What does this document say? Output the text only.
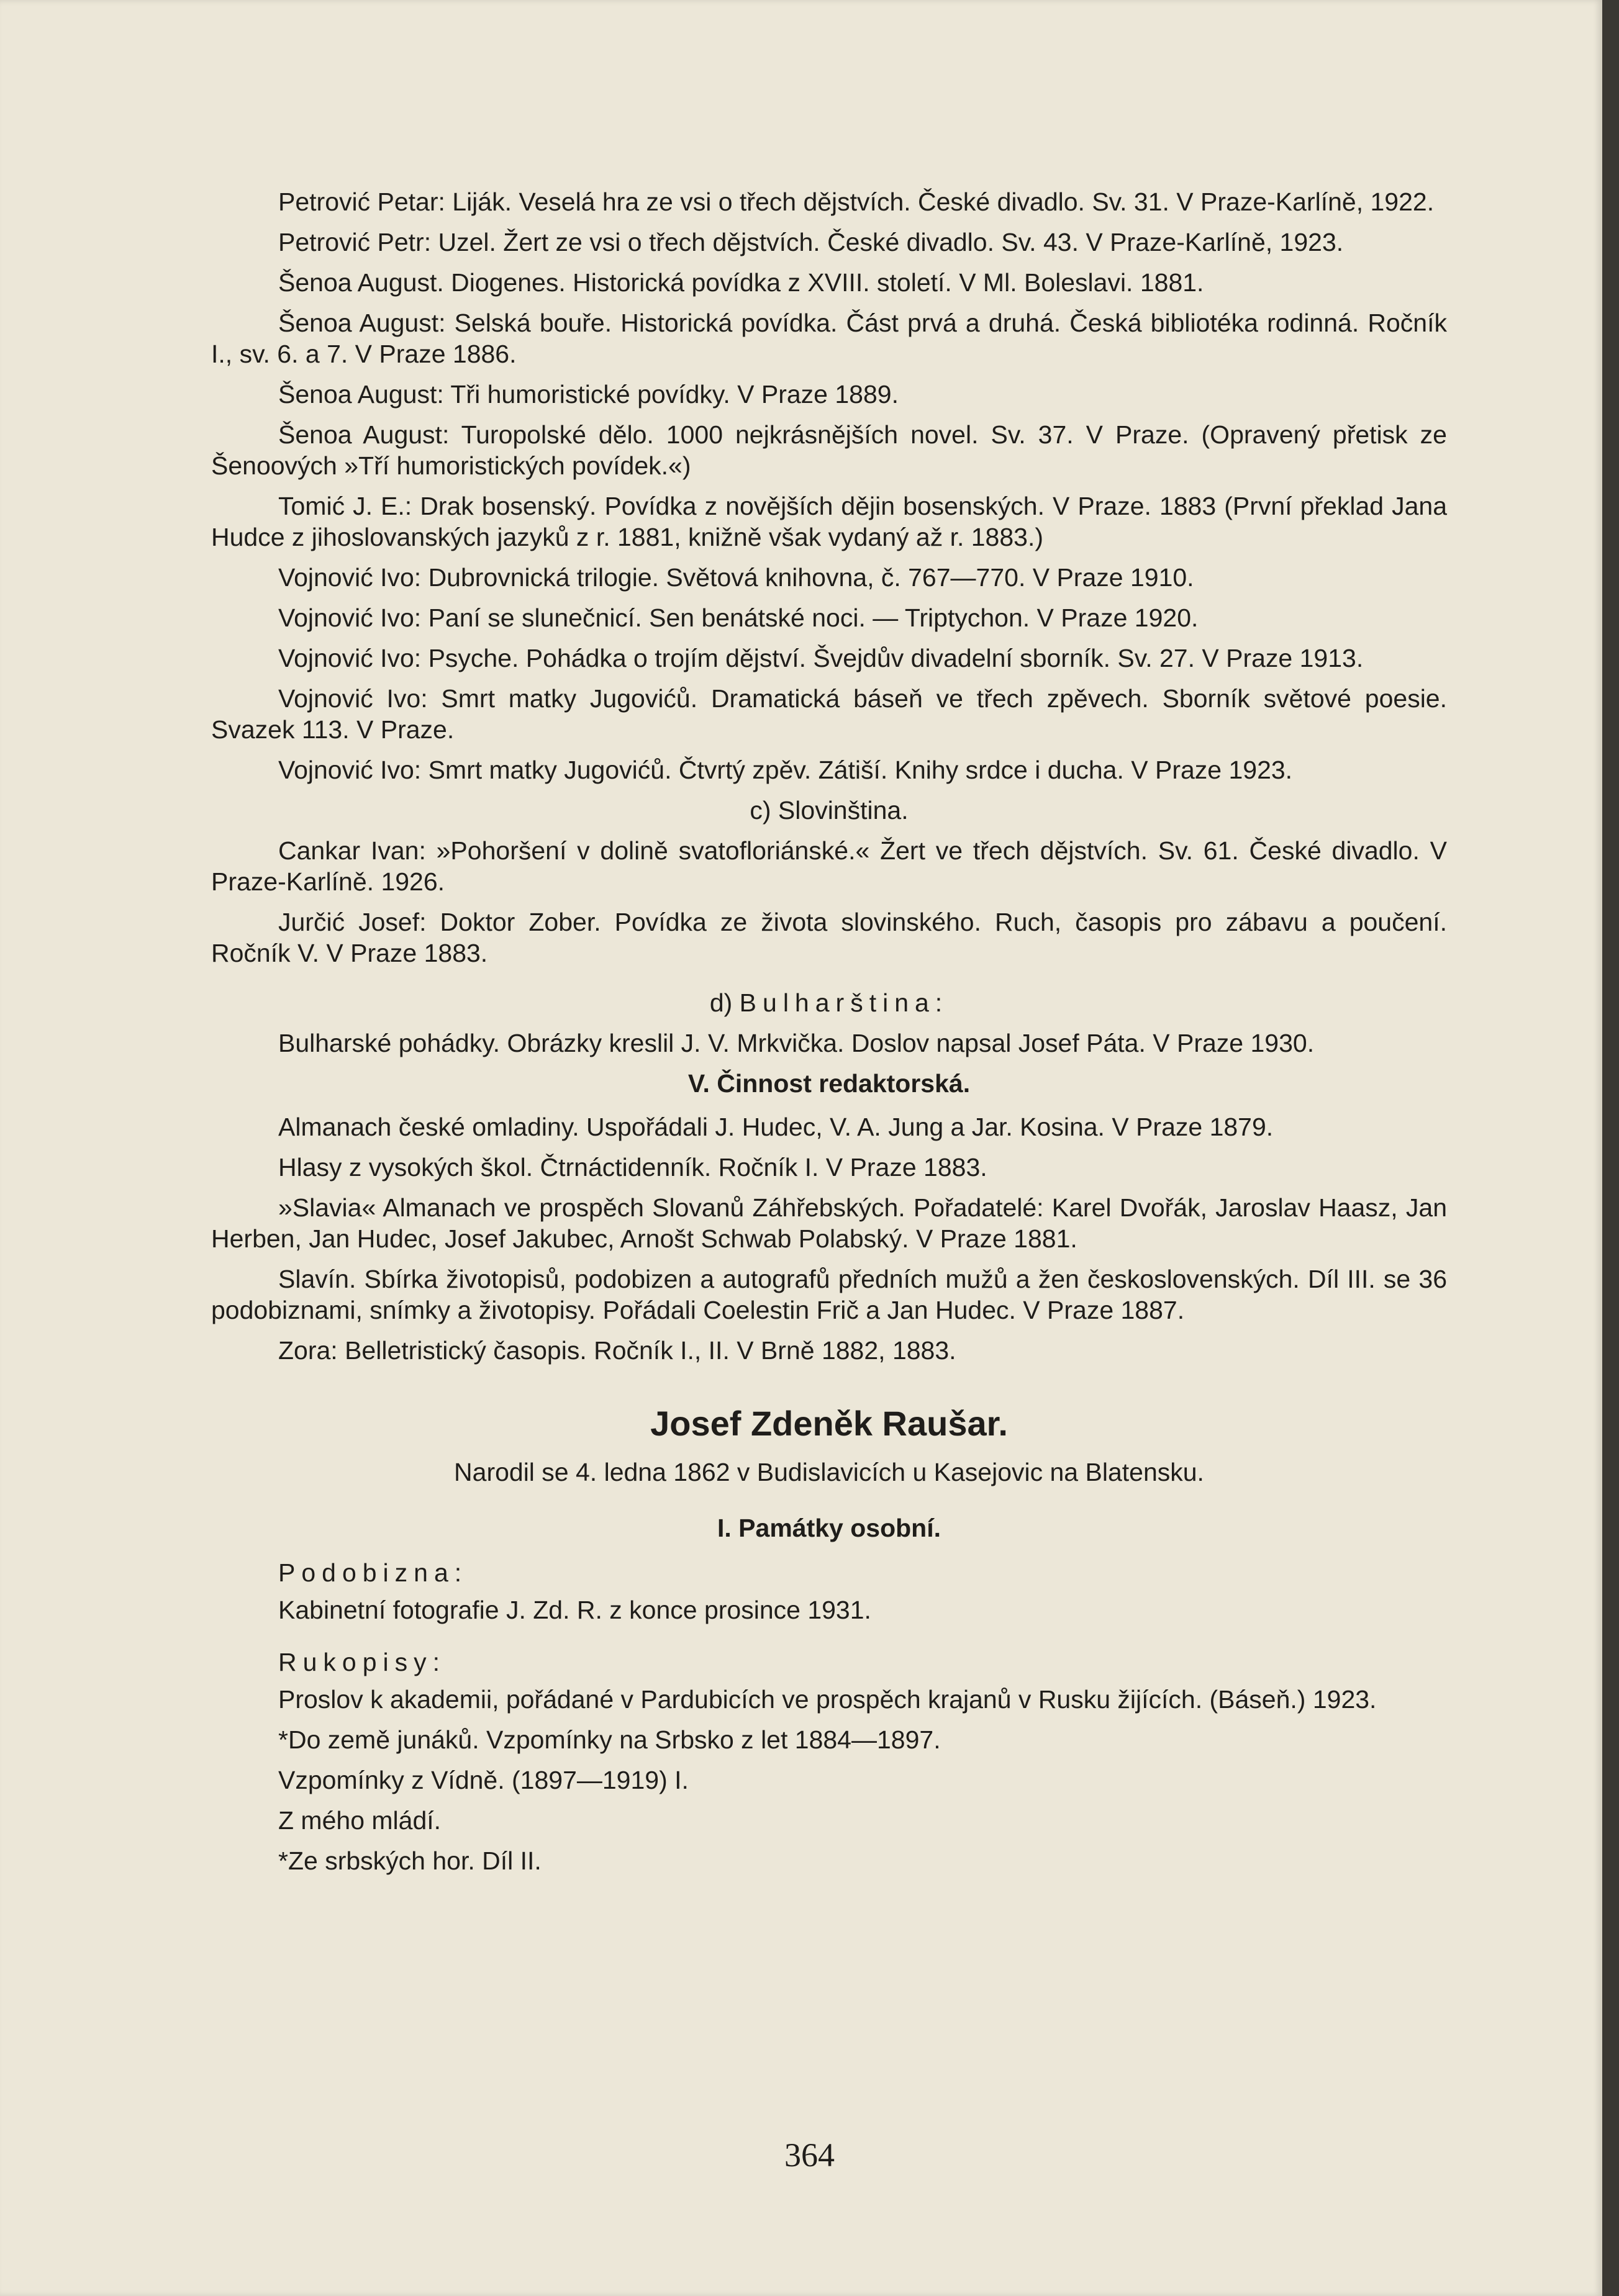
Petrović Petar: Liják. Veselá hra ze vsi o třech dějstvích. České divadlo. Sv. 31. V Praze-Karlíně, 1922.

Petrović Petr: Uzel. Žert ze vsi o třech dějstvích. České divadlo. Sv. 43. V Praze-Karlíně, 1923.

Šenoa August. Diogenes. Historická povídka z XVIII. století. V Ml. Boleslavi. 1881.

Šenoa August: Selská bouře. Historická povídka. Část prvá a druhá. Česká bibliotéka rodinná. Ročník I., sv. 6. a 7. V Praze 1886.

Šenoa August: Tři humoristické povídky. V Praze 1889.

Šenoa August: Turopolské dělo. 1000 nejkrásnějších novel. Sv. 37. V Praze. (Opravený přetisk ze Šenoových »Tří humoristických povídek.«)

Tomić J. E.: Drak bosenský. Povídka z novějších dějin bosenských. V Praze. 1883 (První překlad Jana Hudce z jihoslovanských jazyků z r. 1881, knižně však vydaný až r. 1883.)

Vojnović Ivo: Dubrovnická trilogie. Světová knihovna, č. 767—770. V Praze 1910.

Vojnović Ivo: Paní se slunečnicí. Sen benátské noci. — Triptychon. V Praze 1920.

Vojnović Ivo: Psyche. Pohádka o trojím dějství. Švejdův divadelní sborník. Sv. 27. V Praze 1913.

Vojnović Ivo: Smrt matky Jugovićů. Dramatická báseň ve třech zpěvech. Sborník světové poesie. Svazek 113. V Praze.

Vojnović Ivo: Smrt matky Jugovićů. Čtvrtý zpěv. Zátiší. Knihy srdce i ducha. V Praze 1923.

c) Slovinština.

Cankar Ivan: »Pohoršení v dolině svatofloriánské.« Žert ve třech dějstvích. Sv. 61. České divadlo. V Praze-Karlíně. 1926.

Jurčić Josef: Doktor Zober. Povídka ze života slovinského. Ruch, časopis pro zábavu a poučení. Ročník V. V Praze 1883.

d) Bulharština:

Bulharské pohádky. Obrázky kreslil J. V. Mrkvička. Doslov napsal Josef Páta. V Praze 1930.

V. Činnost redaktorská.

Almanach české omladiny. Uspořádali J. Hudec, V. A. Jung a Jar. Kosina. V Praze 1879.

Hlasy z vysokých škol. Čtrnáctidenník. Ročník I. V Praze 1883.

»Slavia« Almanach ve prospěch Slovanů Záhřebských. Pořadatelé: Karel Dvořák, Jaroslav Haasz, Jan Herben, Jan Hudec, Josef Jakubec, Arnošt Schwab Polabský. V Praze 1881.

Slavín. Sbírka životopisů, podobizen a autografů předních mužů a žen československých. Díl III. se 36 podobiznami, snímky a životopisy. Pořádali Coelestin Frič a Jan Hudec. V Praze 1887.

Zora: Belletristický časopis. Ročník I., II. V Brně 1882, 1883.

Josef Zdeněk Raušar.

Narodil se 4. ledna 1862 v Budislavicích u Kasejovic na Blatensku.

I. Památky osobní.

Podobizna:

Kabinetní fotografie J. Zd. R. z konce prosince 1931.

Rukopisy:

Proslov k akademii, pořádané v Pardubicích ve prospěch krajanů v Rusku žijících. (Báseň.) 1923.

*Do země junáků. Vzpomínky na Srbsko z let 1884—1897.

Vzpomínky z Vídně. (1897—1919) I.

Z mého mládí.

*Ze srbských hor. Díl II.

364
